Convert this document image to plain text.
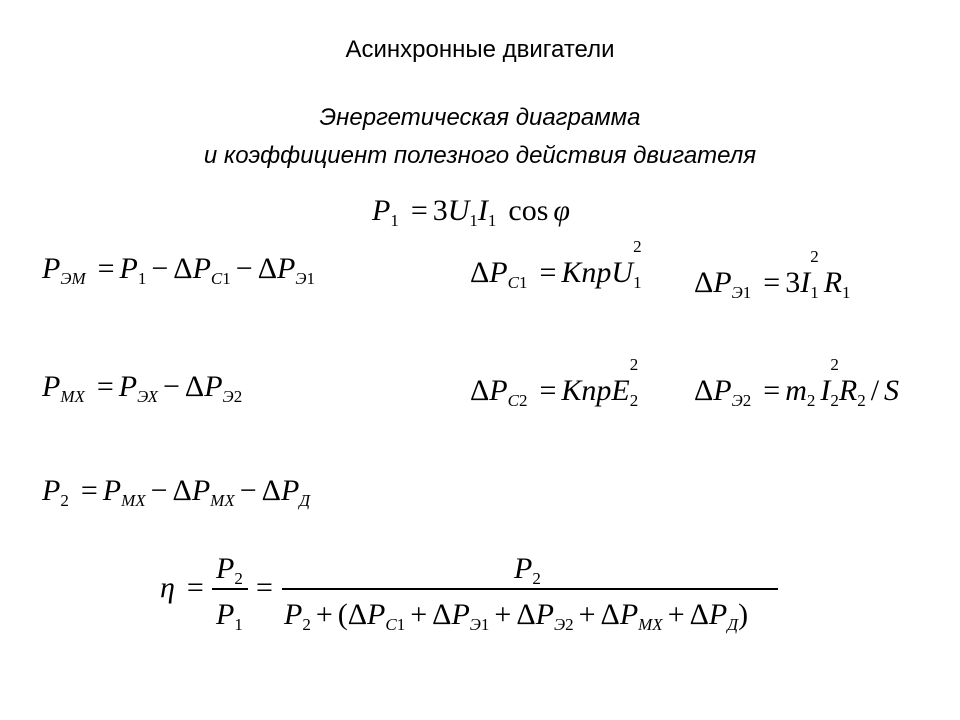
Асинхронные двигатели
Энергетическая диаграмма
и коэффициент полезного действия двигателя
$P_1 = 3U_1I_1$ cos φ
$P_{ЭМ} = P_1 - \Delta P_{C1} - \Delta P_{Э1}$	$\Delta P_{C1}$ = KnpU
2
$_1$ $\Delta P_{Э1} = 3I$
2
$_1$ $R_1$
$P_{МХ} = P_{ЭХ} - \Delta P_{Э2}$	$\Delta P_{C2}$ = KnpE
2
$_2$ $\Delta P_{Э2} = m_2$ I
2
$_2R_2$ / S
$P_2 = P_{МХ} - \Delta P_{МХ} - \Delta P_Д$
η =
$P_2$
$P_1$
=
$P_2$
$P_2 + (\Delta P_{C1} + \Delta P_{Э1} + \Delta P_{Э2} + \Delta P_{МХ} + \Delta P_Д)$
